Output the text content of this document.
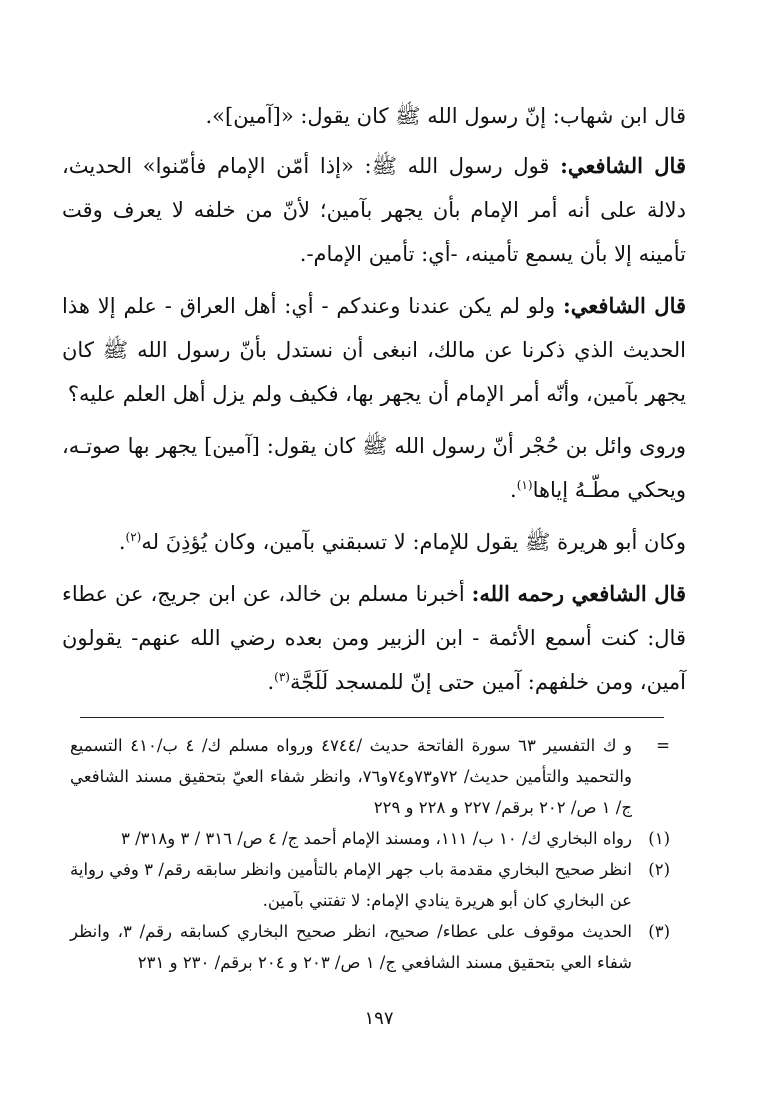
قال ابن شهاب: إنّ رسول الله ﷺ كان يقول: «[آمين]».

قال الشافعي: قول رسول الله ﷺ: «إذا أمّن الإمام فأمّنوا» الحديث، دلالة على أنه أمر الإمام بأن يجهر بآمين؛ لأنّ من خلفه لا يعرف وقت تأمينه إلا بأن يسمع تأمينه، -أي: تأمين الإمام-.

قال الشافعي: ولو لم يكن عندنا وعندكم - أي: أهل العراق - علم إلا هذا الحديث الذي ذكرنا عن مالك، انبغى أن نستدل بأنّ رسول الله ﷺ كان يجهر بآمين، وأنّه أمر الإمام أن يجهر بها، فكيف ولم يزل أهل العلم عليه؟

وروى وائل بن حُجْر أنّ رسول الله ﷺ كان يقول: [آمين] يجهر بها صوتـه، ويحكي مطّـهُ إياها$^{(١)}$.

وكان أبو هريرة ﷺ يقول للإمام: لا تسبقني بآمين، وكان يُؤذِنَ له$^{(٢)}$.

قال الشافعي رحمه الله: أخبرنا مسلم بن خالد، عن ابن جريج، عن عطاء قال: كنت أسمع الأئمة - ابن الزبير ومن بعده رضي الله عنهم- يقولون آمين، ومن خلفهم: آمين حتى إنّ للمسجد لَلَجَّة$^{(٣)}$.

=
و ك التفسير ٦٣ سورة الفاتحة حديث /٤٧٤٤ ورواه مسلم ك/ ٤ ب/٤١٠ التسميع والتحميد والتأمين حديث/ ٧٢و٧٣و٧٤و٧٦، وانظر شفاء العيّ بتحقيق مسند الشافعي ج/ ١ ص/ ٢٠٢ برقم/ ٢٢٧ و ٢٢٨ و ٢٢٩
(١)
رواه البخاري ك/ ١٠ ب/ ١١١، ومسند الإمام أحمد ج/ ٤ ص/ ٣١٦ / ٣ و٣١٨/ ٣
(٢)
انظر صحيح البخاري مقدمة باب جهر الإمام بالتأمين وانظر سابقه رقم/ ٣ وفي رواية عن البخاري كان أبو هريرة ينادي الإمام: لا تفتني بآمين.
(٣)
الحديث موقوف على عطاء/ صحيح، انظر صحيح البخاري كسابقه رقم/ ٣، وانظر شفاء العي بتحقيق مسند الشافعي ج/ ١ ص/ ٢٠٣ و ٢٠٤ برقم/ ٢٣٠ و ٢٣١
١٩٧
